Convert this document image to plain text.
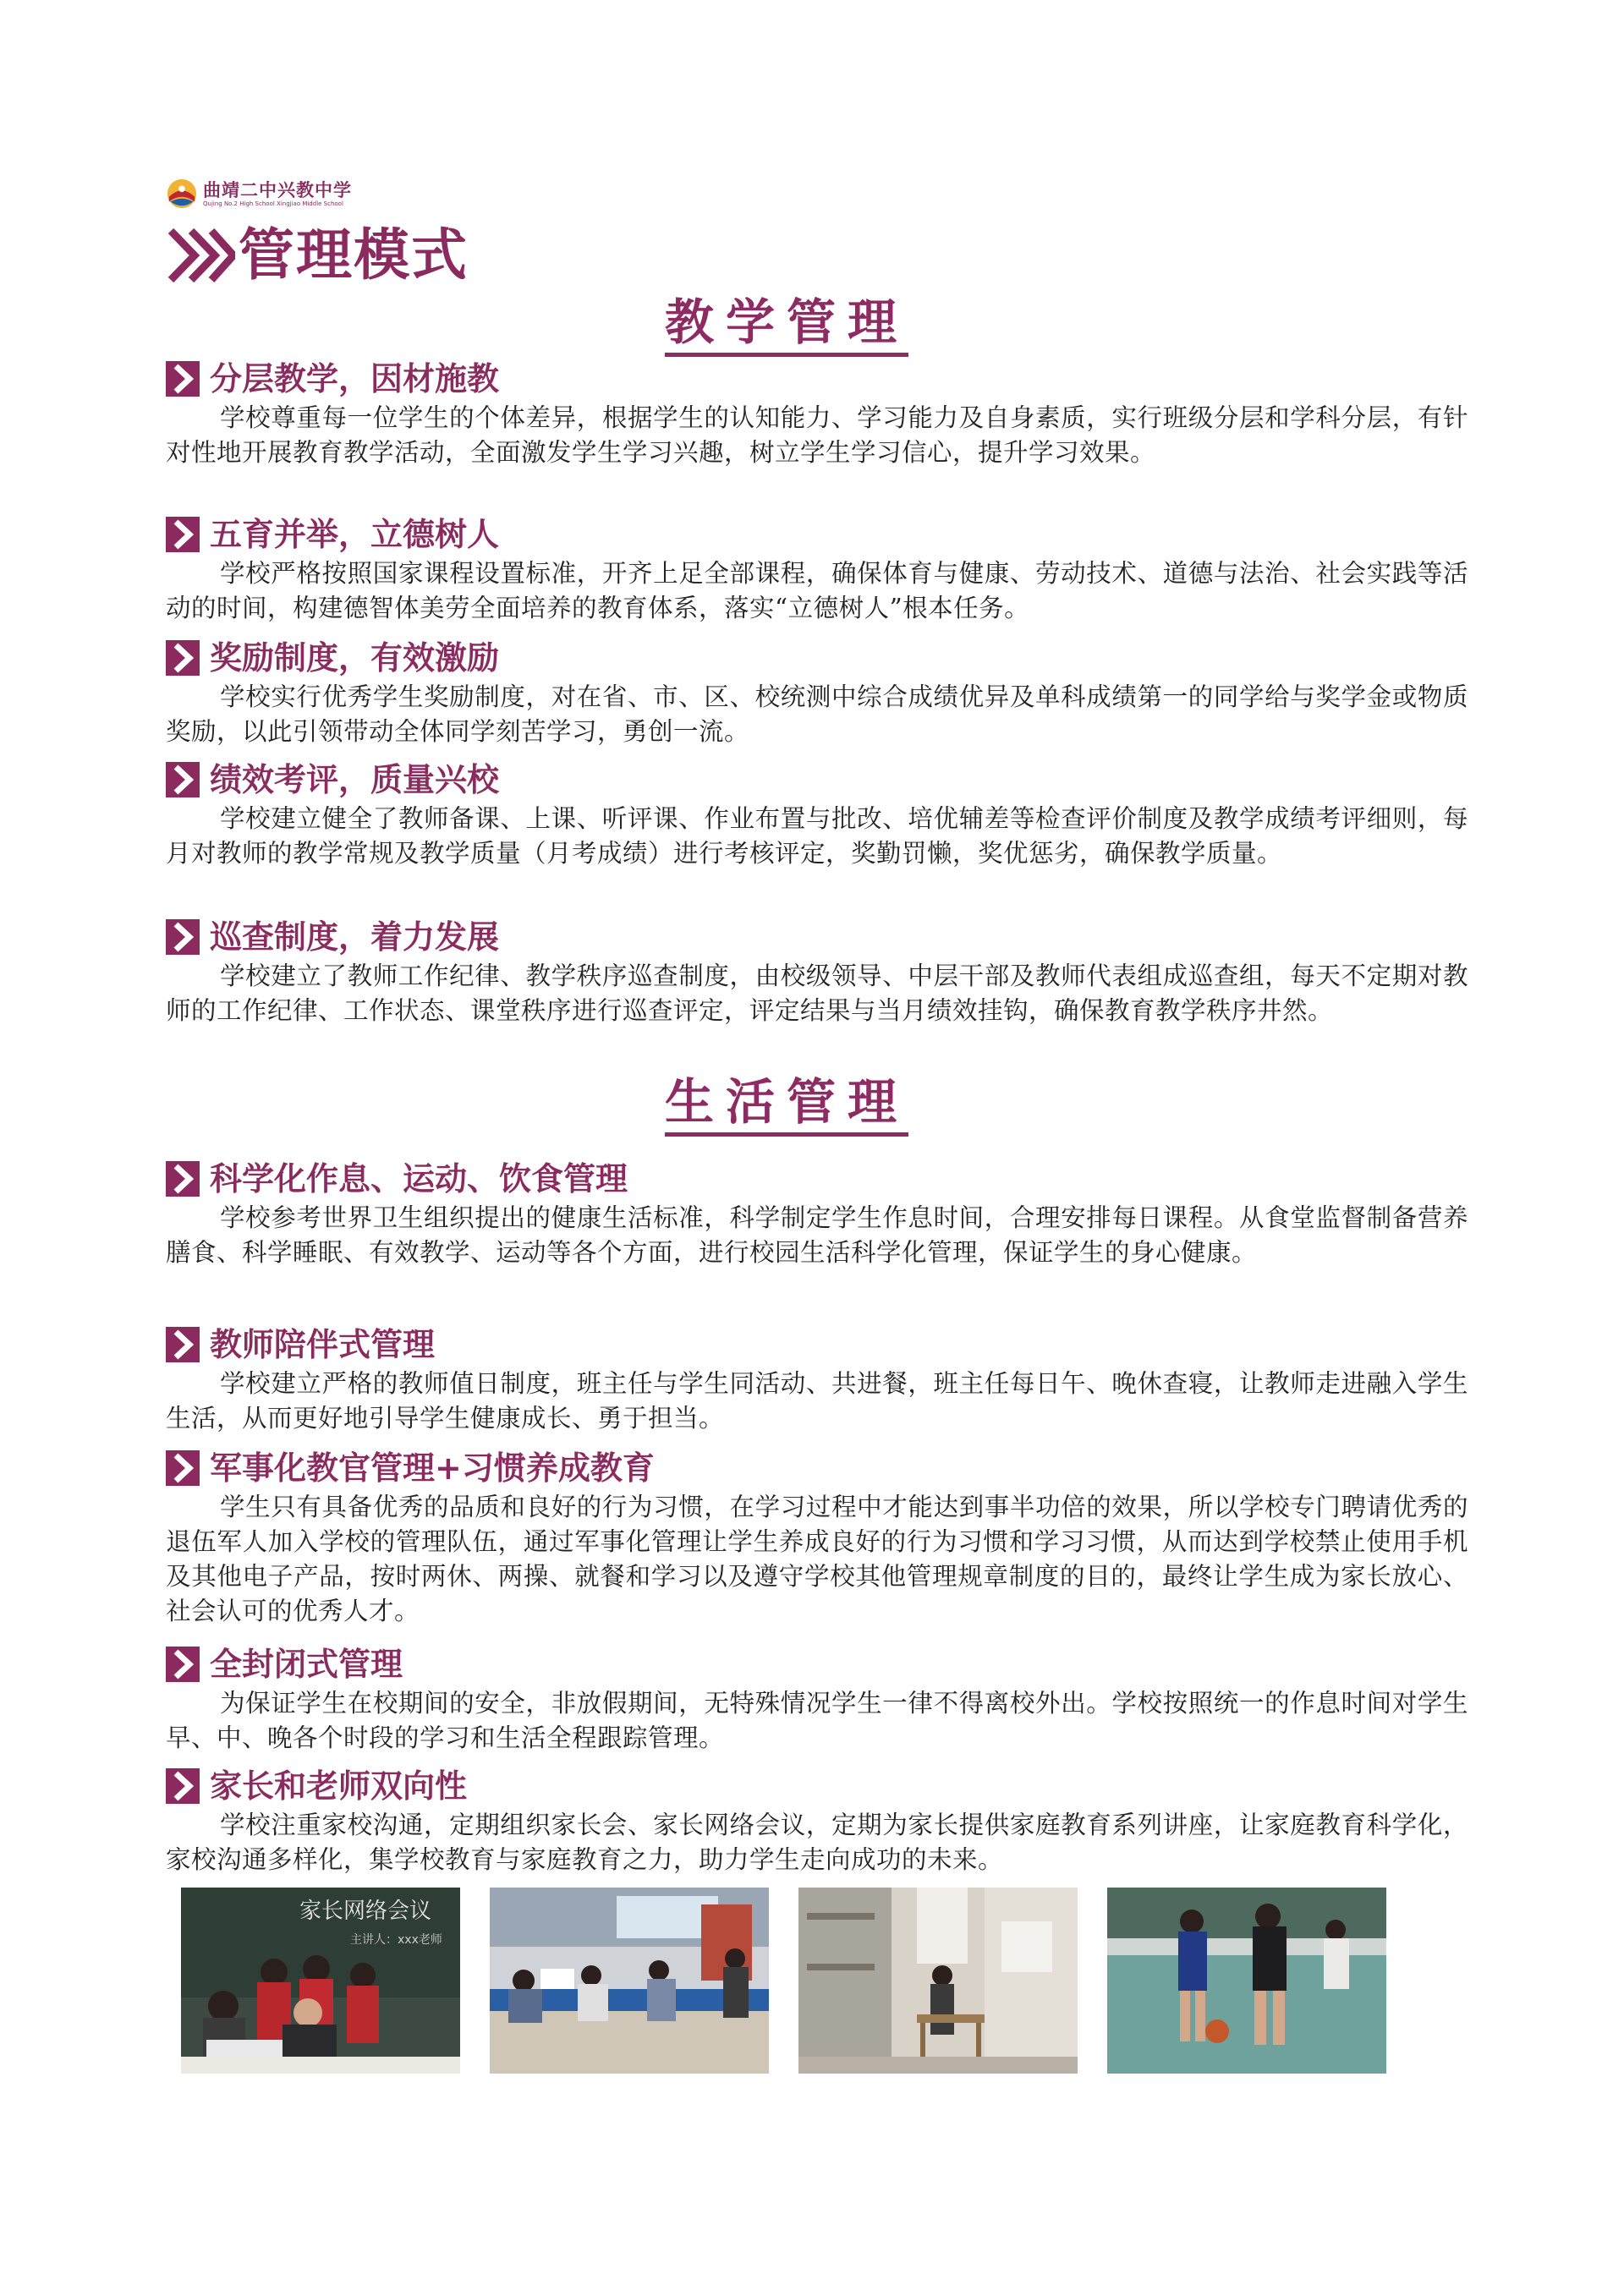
曲靖二中兴教中学
Qujing No.2 High School Xingjiao Middle School
管理模式
教学管理
分层教学，因材施教
学校尊重每一位学生的个体差异，根据学生的认知能力、学习能力及自身素质，实行班级分层和学科分层，有针对性地开展教育教学活动，全面激发学生学习兴趣，树立学生学习信心，提升学习效果。
五育并举，立德树人
学校严格按照国家课程设置标准，开齐上足全部课程，确保体育与健康、劳动技术、道德与法治、社会实践等活动的时间，构建德智体美劳全面培养的教育体系，落实“立德树人”根本任务。
奖励制度，有效激励
学校实行优秀学生奖励制度，对在省、市、区、校统测中综合成绩优异及单科成绩第一的同学给与奖学金或物质奖励，以此引领带动全体同学刻苦学习，勇创一流。
绩效考评，质量兴校
学校建立健全了教师备课、上课、听评课、作业布置与批改、培优辅差等检查评价制度及教学成绩考评细则，每月对教师的教学常规及教学质量（月考成绩）进行考核评定，奖勤罚懒，奖优惩劣，确保教学质量。
巡查制度，着力发展
学校建立了教师工作纪律、教学秩序巡查制度，由校级领导、中层干部及教师代表组成巡查组，每天不定期对教师的工作纪律、工作状态、课堂秩序进行巡查评定，评定结果与当月绩效挂钩，确保教育教学秩序井然。
生活管理
科学化作息、运动、饮食管理
学校参考世界卫生组织提出的健康生活标准，科学制定学生作息时间，合理安排每日课程。从食堂监督制备营养膳食、科学睡眠、有效教学、运动等各个方面，进行校园生活科学化管理，保证学生的身心健康。
教师陪伴式管理
学校建立严格的教师值日制度，班主任与学生同活动、共进餐，班主任每日午、晚休查寝，让教师走进融入学生生活，从而更好地引导学生健康成长、勇于担当。
军事化教官管理+习惯养成教育
学生只有具备优秀的品质和良好的行为习惯，在学习过程中才能达到事半功倍的效果，所以学校专门聘请优秀的退伍军人加入学校的管理队伍，通过军事化管理让学生养成良好的行为习惯和学习习惯，从而达到学校禁止使用手机及其他电子产品，按时两休、两操、就餐和学习以及遵守学校其他管理规章制度的目的，最终让学生成为家长放心、社会认可的优秀人才。
全封闭式管理
为保证学生在校期间的安全，非放假期间，无特殊情况学生一律不得离校外出。学校按照统一的作息时间对学生早、中、晚各个时段的学习和生活全程跟踪管理。
家长和老师双向性
学校注重家校沟通，定期组织家长会、家长网络会议，定期为家长提供家庭教育系列讲座，让家庭教育科学化，家校沟通多样化，集学校教育与家庭教育之力，助力学生走向成功的未来。
家长网络会议
主讲人：xxx老师
